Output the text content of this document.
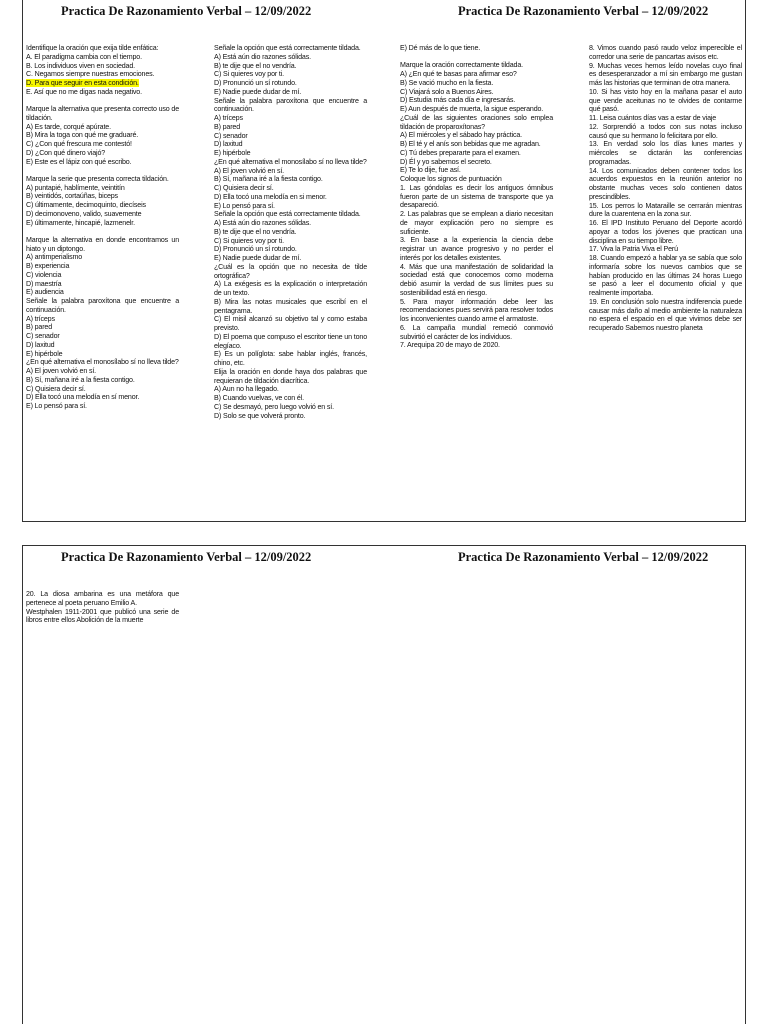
Practica De Razonamiento Verbal – 12/09/2022	Practica De Razonamiento Verbal – 12/09/2022

Identifique la oración que exija tilde enfática:

A. El paradigma cambia con el tiempo.

B. Los individuos viven en sociedad.

C. Negamos siempre nuestras emociones.

D. Para que seguir en esta condición.

E. Así que no me digas nada negativo.

Marque la alternativa que presenta correcto uso de tildación.

A) Es tarde, corqué apúrate.

B) Mira la toga con qué me graduaré.

C) ¿Con qué frescura me contestó!

D) ¿Con qué dinero viajó?

E) Este es el lápiz con qué escribo.

Marque la serie que presenta correcta tildación.

A) puntapié, hablímente, veintitín

B) veintidós, cortaúñas, biceps

C) últimamente, decimoquinto, diecíseis

D) decimonoveno, valido, suavemente

E) últimamente, hincapié, lazmenelr.

Marque la alternativa en donde encontramos un hiato y un diptongo.

A) antimperialismo

B) experiencia

C) violencia

D) maestría

E) audiencia

Señale la palabra paroxítona que encuentre a continuación.

A) tríceps

B) pared

C) senador

D) laxitud

E) hipérbole

¿En qué alternativa el monosílabo sí no lleva tilde?

A) El joven volvió en sí.

B) Sí, mañana iré a la fiesta contigo.

C) Quisiera decir sí.

D) Ella tocó una melodía en sí menor.

E) Lo pensó para sí.

Señale la opción que está correctamente tildada.

A) Está aún dio razones sólidas.

B) te dije que el no vendría.

C) Si quieres voy por ti.

D) Pronunció un sí rotundo.

E) Nadie puede dudar de mí.

Señale la palabra paroxítona que encuentre a continuación.

A) tríceps

B) pared

C) senador

D) laxitud

E) hipérbole

¿En qué alternativa el monosílabo sí no lleva tilde?

A) El joven volvió en sí.

B) Sí, mañana iré a la fiesta contigo.

C) Quisiera decir sí.

D) Ella tocó una melodía en si menor.

E) Lo pensó para sí.

Señale la opción que está correctamente tildada.

A) Está aún dio razones sólidas.

B) te dije que el no vendría.

C) Si quieres voy por ti.

D) Pronunció un sí rotundo.

E) Nadie puede dudar de mí.

¿Cuál es la opción que no necesita de tilde ortográfica?

A) La exégesis es la explicación o interpretación de un texto.

B) Mira las notas musicales que escribí en el pentagrama.

C) El misil alcanzó su objetivo tal y como estaba previsto.

D) El poema que compuso el escritor tiene un tono elegíaco.

E) Es un políglota: sabe hablar inglés, francés, chino, etc.

Elija la oración en donde haya dos palabras que requieran de tildación diacrítica.

A) Aun no ha llegado.

B) Cuando vuelvas, ve con él.

C) Se desmayó, pero luego volvió en sí.

D) Solo se que volverá pronto.

E) Dé más de lo que tiene.

Marque la oración correctamente tildada.

A) ¿En qué te basas para afirmar eso?

B) Se vació mucho en la fiesta.

C) Viajará solo a Buenos Aires.

D) Estudia más cada día e ingresarás.

E) Aun después de muerta, la sigue esperando.

¿Cuál de las siguientes oraciones solo emplea tildación de proparoxítonas?

A) El miércoles y el sábado hay práctica.

B) El té y el anís son bebidas que me agradan.

C) Tú debes prepararte para el examen.

D) Él y yo sabemos el secreto.

E) Te lo dije, fue así.

Coloque los signos de puntuación

1. Las góndolas es decir los antiguos ómnibus fueron parte de un sistema de transporte que ya desapareció.

2. Las palabras que se emplean a diario necesitan de mayor explicación pero no siempre es suficiente.

3. En base a la experiencia la ciencia debe registrar un avance progresivo y no perder el interés por los detalles existentes.

4. Más que una manifestación de solidaridad la sociedad está que conocemos como moderna debió asumir la verdad de sus límites pues su sostenibilidad está en riesgo.

5. Para mayor información debe leer las recomendaciones pues servirá para resolver todos los inconvenientes cuando arme el armatoste.

6. La campaña mundial remeció conmovió subvirtió el carácter de los individuos.

7. Arequipa 20 de mayo de 2020.

8. Vimos cuando pasó raudo veloz imperecible el corredor una serie de pancartas avisos etc.

9. Muchas veces hemos leído novelas cuyo final es desesperanzador a mí sin embargo me gustan más las historias que terminan de otra manera.

10. Si has visto hoy en la mañana pasar el auto que vende aceitunas no te olvides de contarme qué pasó.

11. Leisa cuántos días vas a estar de viaje

12. Sorprendió a todos con sus notas incluso causó que su hermano lo felicitara por ello.

13. En verdad solo los días lunes martes y miércoles se dictarán las conferencias programadas.

14. Los comunicados deben contener todos los acuerdos expuestos en la reunión anterior no obstante muchas veces solo contienen datos prescindibles.

15. Los perros lo Mataraille se cerrarán mientras dure la cuarentena en la zona sur.

16. El IPD Instituto Peruano del Deporte acordó apoyar a todos los jóvenes que practican una disciplina en su tiempo libre.

17. Viva la Patria Viva el Perú

18. Cuando empezó a hablar ya se sabía que solo informaría sobre los nuevos cambios que se habían producido en las últimas 24 horas Luego se pasó a leer el documento oficial y que realmente importaba.

19. En conclusión solo nuestra indiferencia puede causar más daño al medio ambiente la naturaleza no espera el espacio en el que vivimos debe ser recuperado Sabemos nuestro planeta

Practica De Razonamiento Verbal – 12/09/2022	Practica De Razonamiento Verbal – 12/09/2022

20. La diosa ambarina es una metáfora que pertenece al poeta peruano Emilio A.

Westphalen 1911-2001 que publicó una serie de libros entre ellos Abolición de la muerte
